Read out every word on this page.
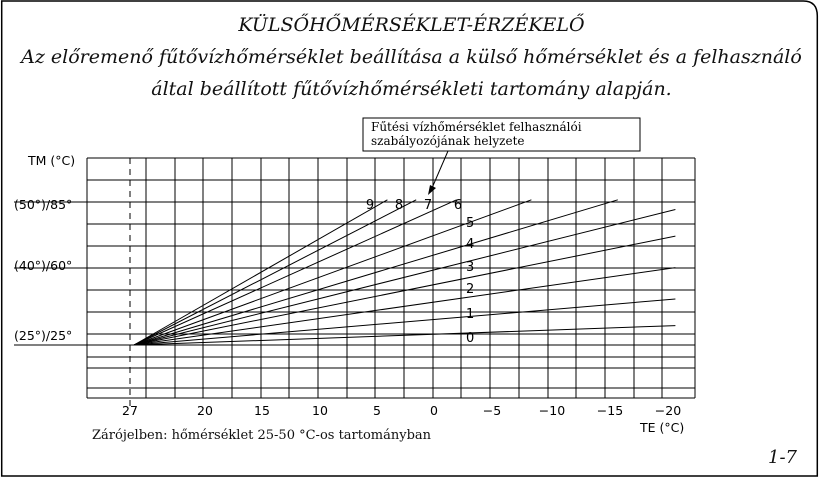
KÜLSŐHŐMÉRSÉKLET-ÉRZÉKELŐ
Az előremenő fűtővízhőmérséklet beállítása a külső hőmérséklet és a felhasználó
által beállított fűtővízhőmérsékleti tartomány alapján.
TM (°C)
(50°)/85°
(40°)/60°
(25°)/25°
27	20	15	10	5	0	−5	−10	−15	−20
TE (°C)
9 8 7 6
5
4
3
2
1
0
Fűtési vízhőmérséklet felhasználói
szabályozójának helyzete
Zárójelben: hőmérséklet 25-50 °C-os tartományban
1-7
